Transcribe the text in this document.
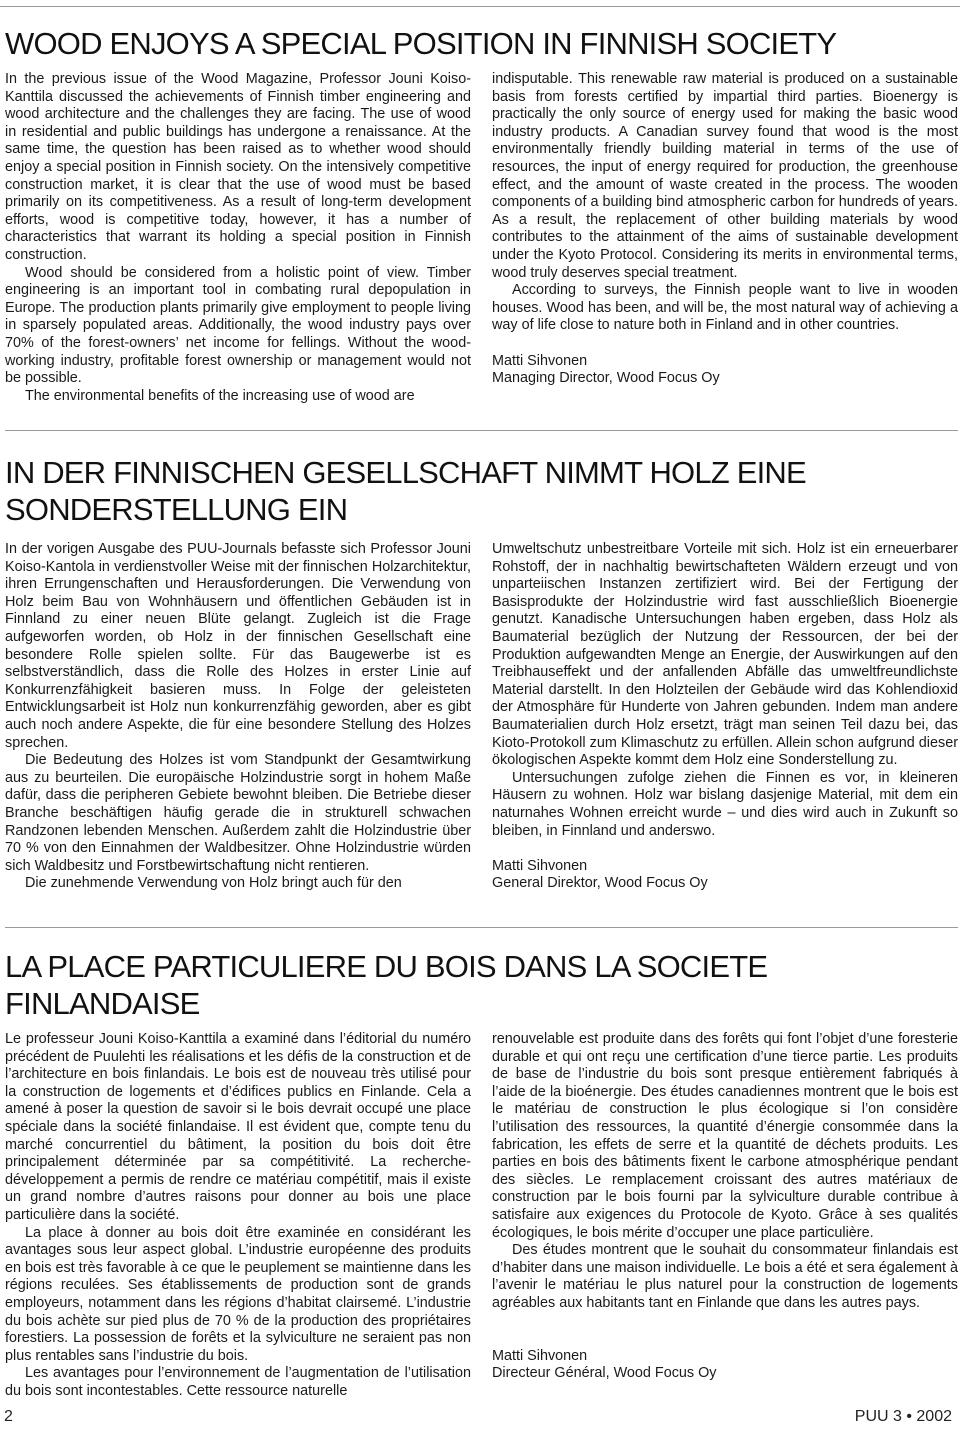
WOOD ENJOYS A SPECIAL POSITION IN FINNISH SOCIETY

In the previous issue of the Wood Magazine, Professor Jouni Koiso-Kanttila discussed the achievements of Finnish timber engineering and wood architecture and the challenges they are facing. The use of wood in residential and public buildings has undergone a renaissance. At the same time, the question has been raised as to whether wood should enjoy a special position in Finnish society. On the intensively competitive construction market, it is clear that the use of wood must be based primarily on its competitiveness. As a result of long-term development efforts, wood is competitive today, however, it has a number of characteristics that warrant its holding a special position in Finnish construction.

Wood should be considered from a holistic point of view. Timber engineering is an important tool in combating rural depopulation in Europe. The production plants primarily give employment to people living in sparsely populated areas. Additionally, the wood industry pays over 70% of the forest-owners’ net income for fellings. Without the wood-working industry, profitable forest ownership or management would not be possible.

The environmental benefits of the increasing use of wood are

indisputable. This renewable raw material is produced on a sustainable basis from forests certified by impartial third parties. Bioenergy is practically the only source of energy used for making the basic wood industry products. A Canadian survey found that wood is the most environmentally friendly building material in terms of the use of resources, the input of energy required for production, the greenhouse effect, and the amount of waste created in the process. The wooden components of a building bind atmospheric carbon for hundreds of years. As a result, the replacement of other building materials by wood contributes to the attainment of the aims of sustainable development under the Kyoto Protocol. Considering its merits in environmental terms, wood truly deserves special treatment.

According to surveys, the Finnish people want to live in wooden houses. Wood has been, and will be, the most natural way of achieving a way of life close to nature both in Finland and in other countries.

Matti Sihvonen

Managing Director, Wood Focus Oy

IN DER FINNISCHEN GESELLSCHAFT NIMMT HOLZ EINE
SONDERSTELLUNG EIN

In der vorigen Ausgabe des PUU-Journals befasste sich Professor Jouni Koiso-Kantola in verdienstvoller Weise mit der finnischen Holzarchitektur, ihren Errungenschaften und Herausforderungen. Die Verwendung von Holz beim Bau von Wohnhäusern und öffentlichen Gebäuden ist in Finnland zu einer neuen Blüte gelangt. Zugleich ist die Frage aufgeworfen worden, ob Holz in der finnischen Gesellschaft eine besondere Rolle spielen sollte. Für das Baugewerbe ist es selbstverständlich, dass die Rolle des Holzes in erster Linie auf Konkurrenzfähigkeit basieren muss. In Folge der geleisteten Entwicklungsarbeit ist Holz nun konkurrenzfähig geworden, aber es gibt auch noch andere Aspekte, die für eine besondere Stellung des Holzes sprechen.

Die Bedeutung des Holzes ist vom Standpunkt der Gesamtwirkung aus zu beurteilen. Die europäische Holzindustrie sorgt in hohem Maße dafür, dass die peripheren Gebiete bewohnt bleiben. Die Betriebe dieser Branche beschäftigen häufig gerade die in strukturell schwachen Randzonen lebenden Menschen. Außerdem zahlt die Holzindustrie über 70 % von den Einnahmen der Waldbesitzer. Ohne Holzindustrie würden sich Waldbesitz und Forstbewirtschaftung nicht rentieren.

Die zunehmende Verwendung von Holz bringt auch für den

Umweltschutz unbestreitbare Vorteile mit sich. Holz ist ein erneuerbarer Rohstoff, der in nachhaltig bewirtschafteten Wäldern erzeugt und von unparteiischen Instanzen zertifiziert wird. Bei der Fertigung der Basisprodukte der Holzindustrie wird fast ausschließlich Bioenergie genutzt. Kanadische Untersuchungen haben ergeben, dass Holz als Baumaterial bezüglich der Nutzung der Ressourcen, der bei der Produktion aufgewandten Menge an Energie, der Auswirkungen auf den Treibhauseffekt und der anfallenden Abfälle das umweltfreundlichste Material darstellt. In den Holzteilen der Gebäude wird das Kohlendioxid der Atmosphäre für Hunderte von Jahren gebunden. Indem man andere Baumaterialien durch Holz ersetzt, trägt man seinen Teil dazu bei, das Kioto-Protokoll zum Klimaschutz zu erfüllen. Allein schon aufgrund dieser ökologischen Aspekte kommt dem Holz eine Sonderstellung zu.

Untersuchungen zufolge ziehen die Finnen es vor, in kleineren Häusern zu wohnen. Holz war bislang dasjenige Material, mit dem ein naturnahes Wohnen erreicht wurde – und dies wird auch in Zukunft so bleiben, in Finnland und anderswo.

Matti Sihvonen

General Direktor, Wood Focus Oy

LA PLACE PARTICULIERE DU BOIS DANS LA SOCIETE FINLANDAISE

Le professeur Jouni Koiso-Kanttila a examiné dans l’éditorial du numéro précédent de Puulehti les réalisations et les défis de la construction et de l’architecture en bois finlandais. Le bois est de nouveau très utilisé pour la construction de logements et d’édifices publics en Finlande. Cela a amené à poser la question de savoir si le bois devrait occupé une place spéciale dans la société finlandaise. Il est évident que, compte tenu du marché concurrentiel du bâtiment, la position du bois doit être principalement déterminée par sa compétitivité. La recherche-développement a permis de rendre ce matériau compétitif, mais il existe un grand nombre d’autres raisons pour donner au bois une place particulière dans la société.

La place à donner au bois doit être examinée en considérant les avantages sous leur aspect global. L’industrie européenne des produits en bois est très favorable à ce que le peuplement se maintienne dans les régions reculées. Ses établissements de production sont de grands employeurs, notamment dans les régions d’habitat clairsemé. L’industrie du bois achète sur pied plus de 70 % de la production des propriétaires forestiers. La possession de forêts et la sylviculture ne seraient pas non plus rentables sans l’industrie du bois.

Les avantages pour l’environnement de l’augmentation de l’utilisation du bois sont incontestables. Cette ressource naturelle

renouvelable est produite dans des forêts qui font l’objet d’une foresterie durable et qui ont reçu une certification d’une tierce partie. Les produits de base de l’industrie du bois sont presque entièrement fabriqués à l’aide de la bioénergie. Des études canadiennes montrent que le bois est le matériau de construction le plus écologique si l’on considère l’utilisation des ressources, la quantité d’énergie consommée dans la fabrication, les effets de serre et la quantité de déchets produits. Les parties en bois des bâtiments fixent le carbone atmosphérique pendant des siècles. Le remplacement croissant des autres matériaux de construction par le bois fourni par la sylviculture durable contribue à satisfaire aux exigences du Protocole de Kyoto. Grâce à ses qualités écologiques, le bois mérite d’occuper une place particulière.

Des études montrent que le souhait du consommateur finlandais est d’habiter dans une maison individuelle. Le bois a été et sera également à l’avenir le matériau le plus naturel pour la construction de logements agréables aux habitants tant en Finlande que dans les autres pays.

Matti Sihvonen

Directeur Général, Wood Focus Oy

2	PUU 3 • 2002
